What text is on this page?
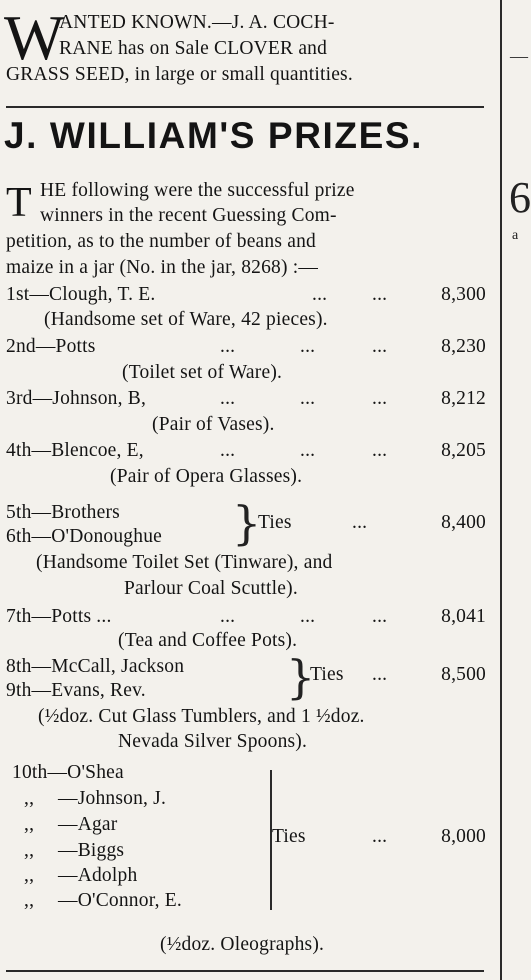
—
6
a
W
ANTED KNOWN.—J. A. COCH-
RANE has on Sale CLOVER and
GRASS SEED, in large or small quantities.
J. WILLIAM'S PRIZES.
T HE following were the successful prize
winners in the recent Guessing Com-
petition, as to the number of beans and
maize in a jar (No. in the jar, 8268) :—
1st—Clough, T. E.	... ...	8,300
(Handsome set of Ware, 42 pieces).
2nd—Potts	...	...	...	8,230
(Toilet set of Ware).
3rd—Johnson, B,	...	...	...	8,212
(Pair of Vases).
4th—Blencoe, E,	...	...	...	8,205
(Pair of Opera Glasses).
5th—Brothers
6th—O'Donoughue }
Ties	...	8,400
(Handsome Toilet Set (Tinware), and
Parlour Coal Scuttle).
7th—Potts ...	...	...	...	8,041
(Tea and Coffee Pots).
8th—McCall, Jackson
9th—Evans, Rev.	}
Ties ...	8,500
(½doz. Cut Glass Tumblers, and 1 ½doz.
Nevada Silver Spoons).
10th—O'Shea
,, —Johnson, J.
,, —Agar
,, —Biggs
,, —Adolph
,, —O'Connor, E.
Ties	...	8,000
(½doz. Oleographs).
